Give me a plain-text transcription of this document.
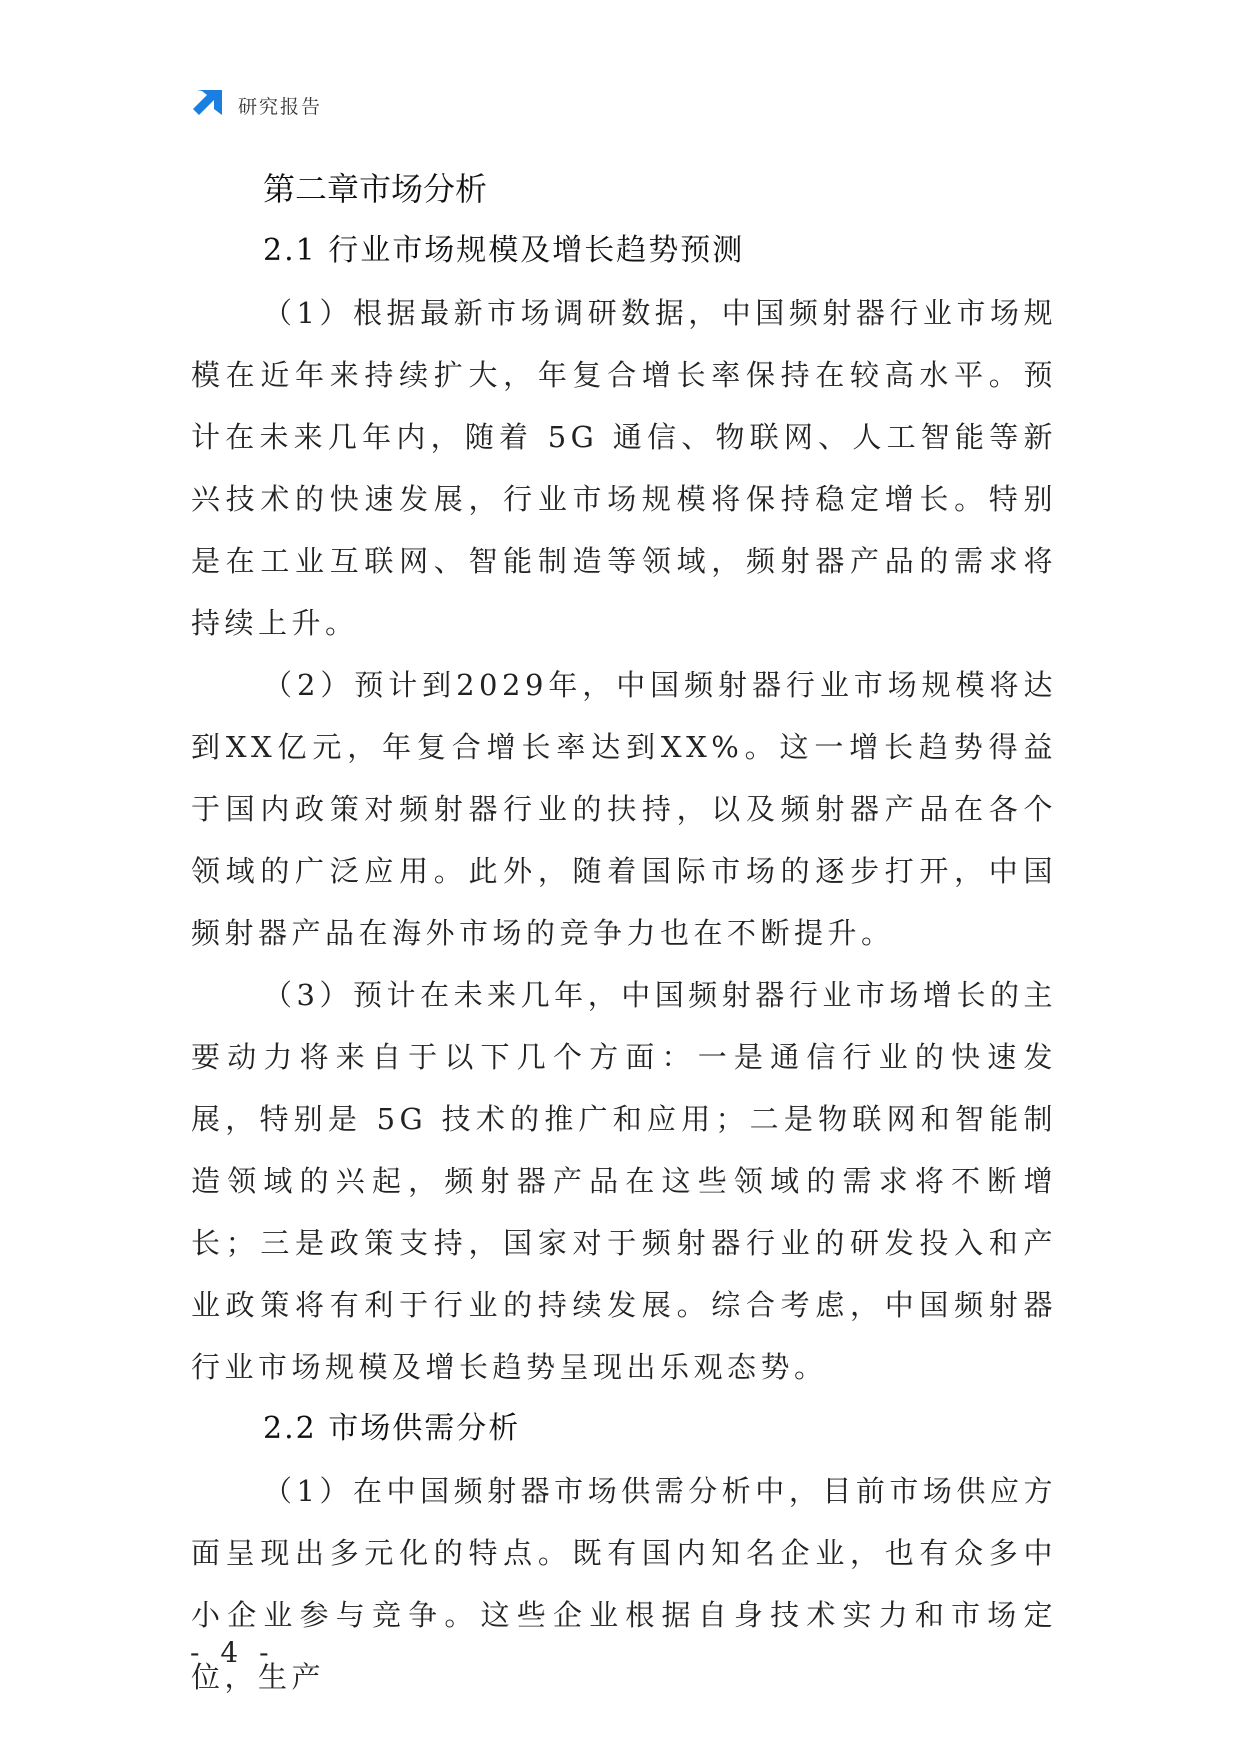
研究报告
第二章市场分析
2.1 行业市场规模及增长趋势预测

（1）根据最新市场调研数据，中国频射器行业市场规模在近年来持续扩大，年复合增长率保持在较高水平。预计在未来几年内，随着 5G 通信、物联网、人工智能等新兴技术的快速发展，行业市场规模将保持稳定增长。特别是在工业互联网、智能制造等领域，频射器产品的需求将持续上升。

（2）预计到2029年，中国频射器行业市场规模将达到XX亿元，年复合增长率达到XX%。这一增长趋势得益于国内政策对频射器行业的扶持，以及频射器产品在各个领域的广泛应用。此外，随着国际市场的逐步打开，中国频射器产品在海外市场的竞争力也在不断提升。

（3）预计在未来几年，中国频射器行业市场增长的主要动力将来自于以下几个方面：一是通信行业的快速发展，特别是 5G 技术的推广和应用；二是物联网和智能制造领域的兴起，频射器产品在这些领域的需求将不断增长；三是政策支持，国家对于频射器行业的研发投入和产业政策将有利于行业的持续发展。综合考虑，中国频射器行业市场规模及增长趋势呈现出乐观态势。

2.2 市场供需分析

（1）在中国频射器市场供需分析中，目前市场供应方面呈现出多元化的特点。既有国内知名企业，也有众多中小企业参与竞争。这些企业根据自身技术实力和市场定位，生产

- 4 -
